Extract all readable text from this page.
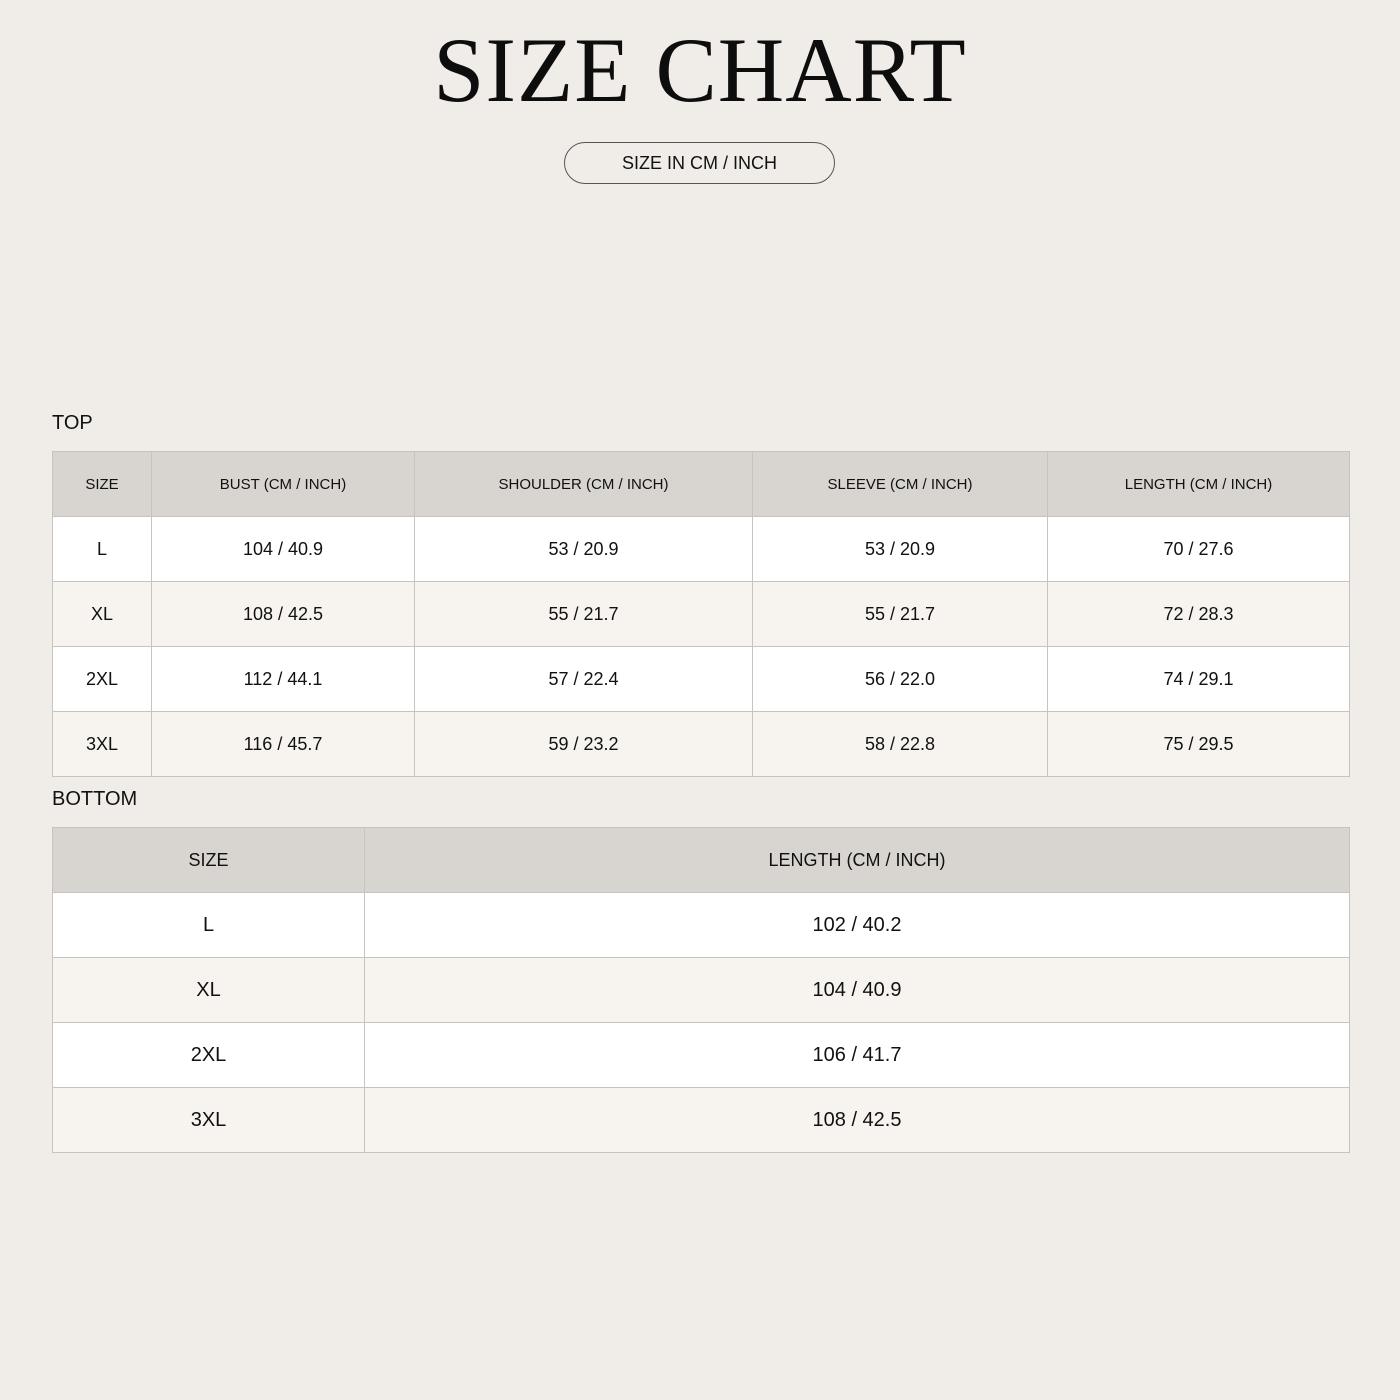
SIZE CHART
SIZE IN CM / INCH
TOP
SIZE	BUST (CM / INCH)	SHOULDER (CM / INCH)	SLEEVE (CM / INCH)	LENGTH (CM / INCH)
L	104 / 40.9	53 / 20.9	53 / 20.9	70 / 27.6
XL	108 / 42.5	55 / 21.7	55 / 21.7	72 / 28.3
2XL	112 / 44.1	57 / 22.4	56 / 22.0	74 / 29.1
3XL	116 / 45.7	59 / 23.2	58 / 22.8	75 / 29.5
BOTTOM
SIZE	LENGTH (CM / INCH)
L	102 / 40.2
XL	104 / 40.9
2XL	106 / 41.7
3XL	108 / 42.5
